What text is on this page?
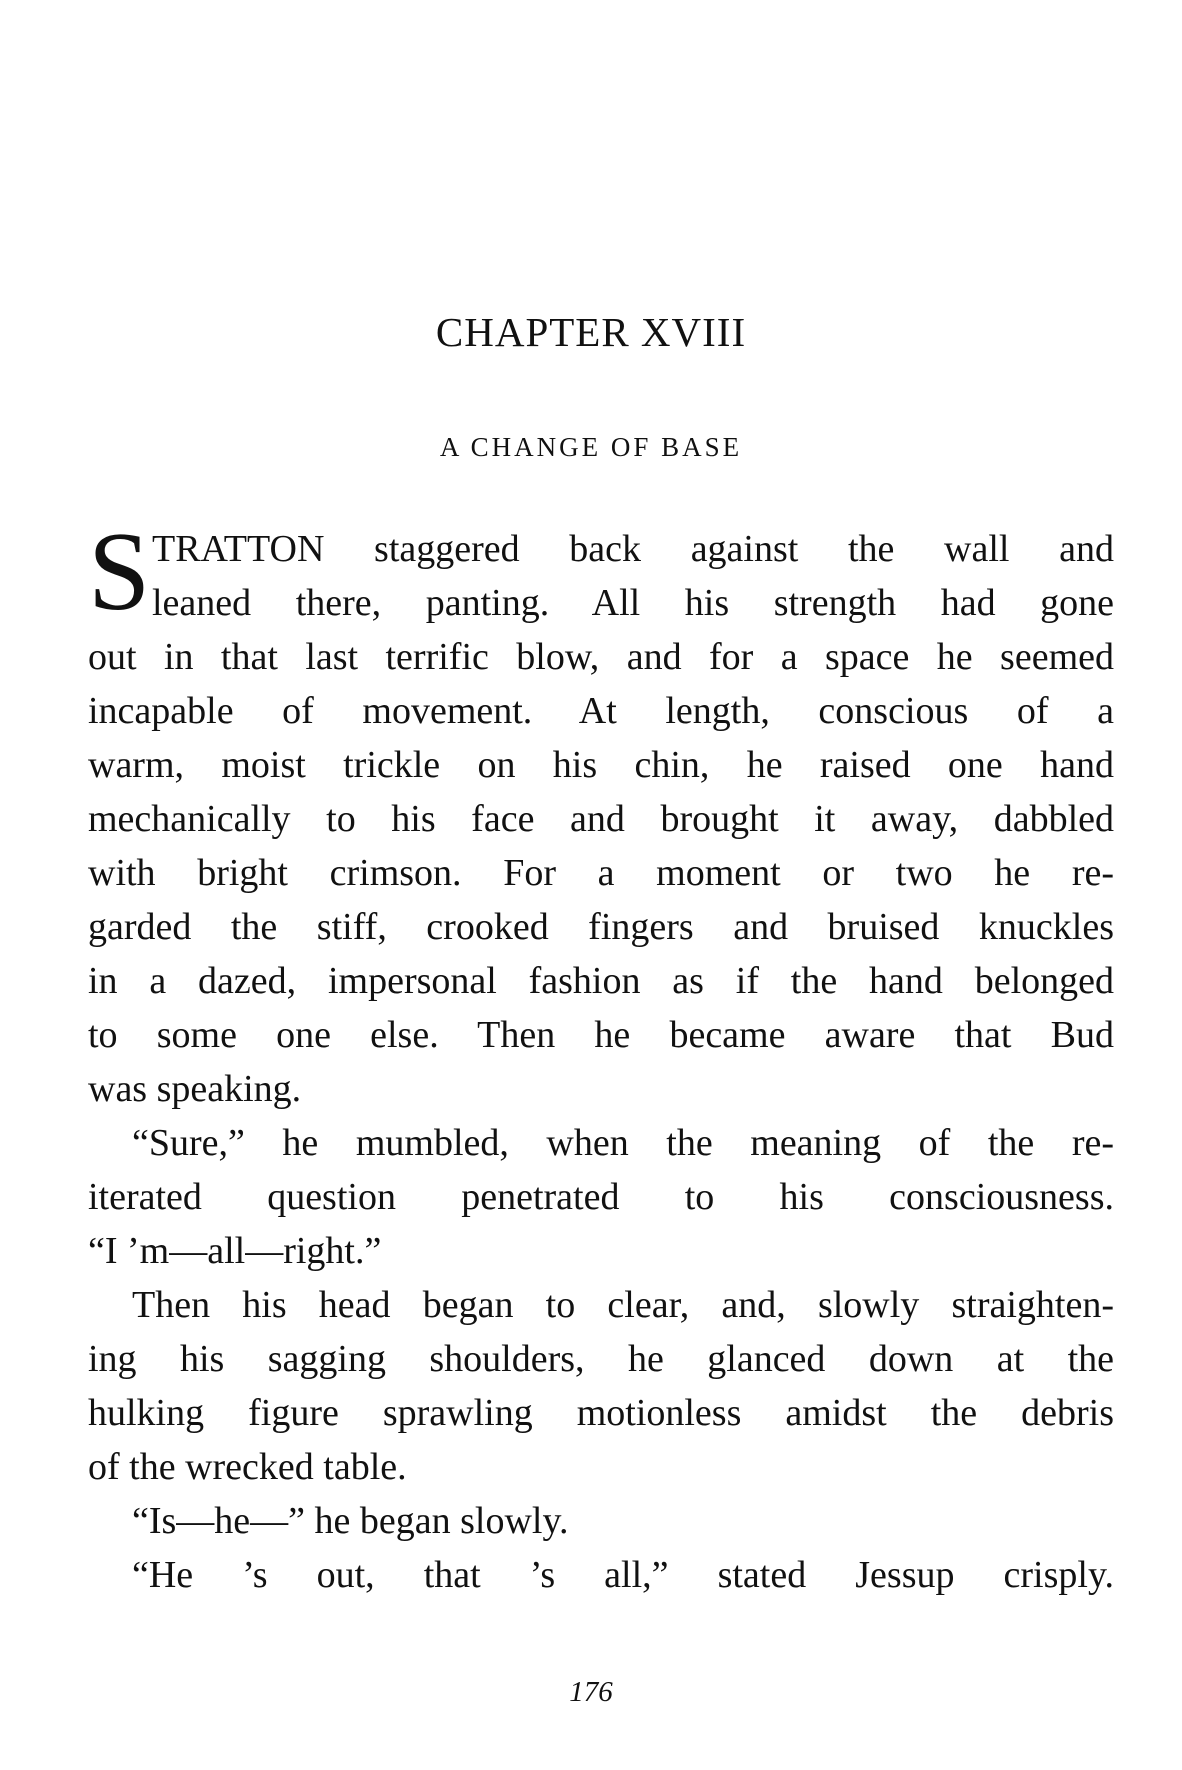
CHAPTER XVIII
A CHANGE OF BASE
S TRATTON staggered back against the wall and
leaned there, panting. All his strength had gone
out in that last terrific blow, and for a space he seemed
incapable of movement. At length, conscious of a
warm, moist trickle on his chin, he raised one hand
mechanically to his face and brought it away, dabbled
with bright crimson. For a moment or two he re-
garded the stiff, crooked fingers and bruised knuckles
in a dazed, impersonal fashion as if the hand belonged
to some one else. Then he became aware that Bud
was speaking.
“Sure,” he mumbled, when the meaning of the re-
iterated question penetrated to his consciousness.
“I ’m—all—right.”
Then his head began to clear, and, slowly straighten-
ing his sagging shoulders, he glanced down at the
hulking figure sprawling motionless amidst the debris
of the wrecked table.
“Is—he—” he began slowly.
“He ’s out, that ’s all,” stated Jessup crisply.
176
